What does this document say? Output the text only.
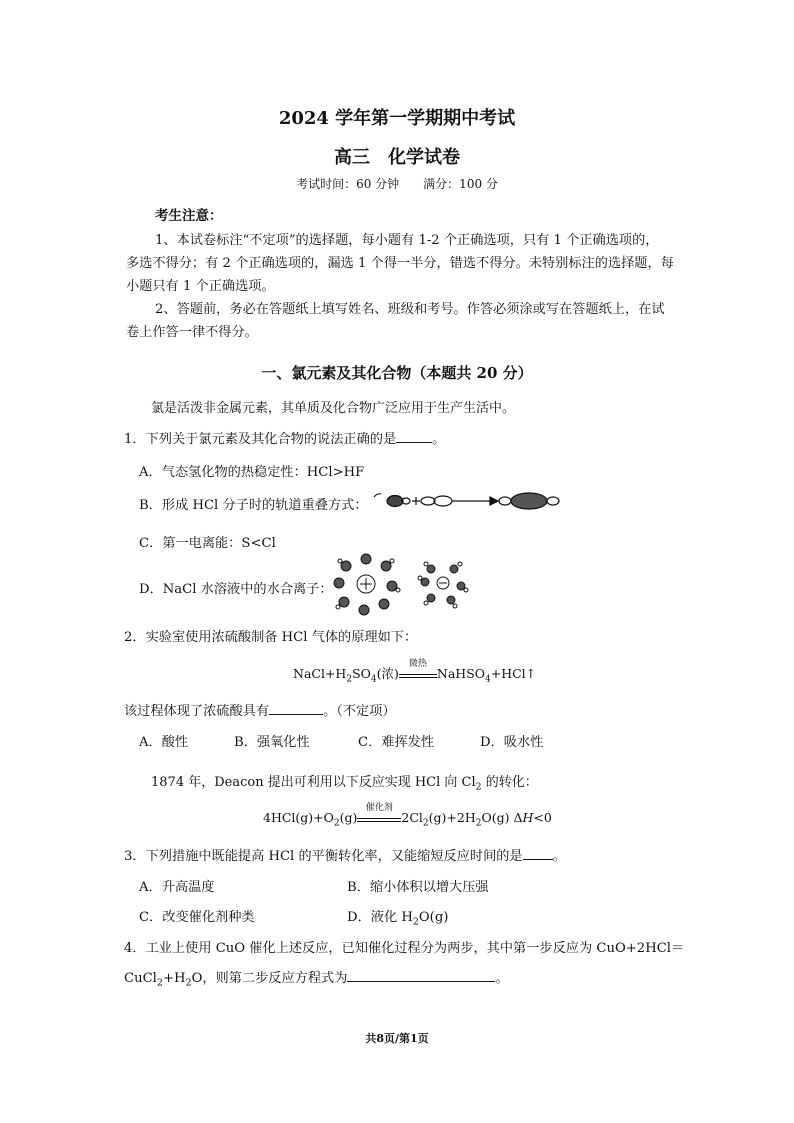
2024 学年第一学期期中考试
高三　化学试卷
考试时间：60 分钟　　满分：100 分
考生注意：
1、本试卷标注“不定项”的选择题，每小题有 1-2 个正确选项，只有 1 个正确选项的，
多选不得分；有 2 个正确选项的，漏选 1 个得一半分，错选不得分。未特别标注的选择题，每
小题只有 1 个正确选项。
2、答题前，务必在答题纸上填写姓名、班级和考号。作答必须涂或写在答题纸上，在试
卷上作答一律不得分。
一、氯元素及其化合物（本题共 20 分）
氯是活泼非金属元素，其单质及化合物广泛应用于生产生活中。
1．下列关于氯元素及其化合物的说法正确的是	。
A．气态氢化物的热稳定性：HCl>HF
B．形成 HCl 分子时的轨道重叠方式：
C．第一电离能：S<Cl
D．NaCl 水溶液中的水合离子：
2．实验室使用浓硫酸制备 HCl 气体的原理如下：
$NaCl+H_2SO_4$(浓)
微热
NaHSO$_4$+HCl↑
该过程体现了浓硫酸具有	。（不定项）
A．酸性	B．强氧化性	C．难挥发性	D．吸水性
1874 年，Deacon 提出可利用以下反应实现 HCl 向 $Cl_2$ 的转化：
$4HCl(g)+O_2(g)$
催化剂
$2Cl_2(g)+2H_2O(g)$ ΔH<0
3．下列措施中既能提高 HCl 的平衡转化率，又能缩短反应时间的是 。
A．升高温度	B．缩小体积以增大压强
C．改变催化剂种类	D．液化 $H_2O(g)$
4．工业上使用 CuO 催化上述反应，已知催化过程分为两步，其中第一步反应为 CuO+2HCl＝
$CuCl_2+H_2O$，则第二步反应方程式为	。
共8页/第1页
